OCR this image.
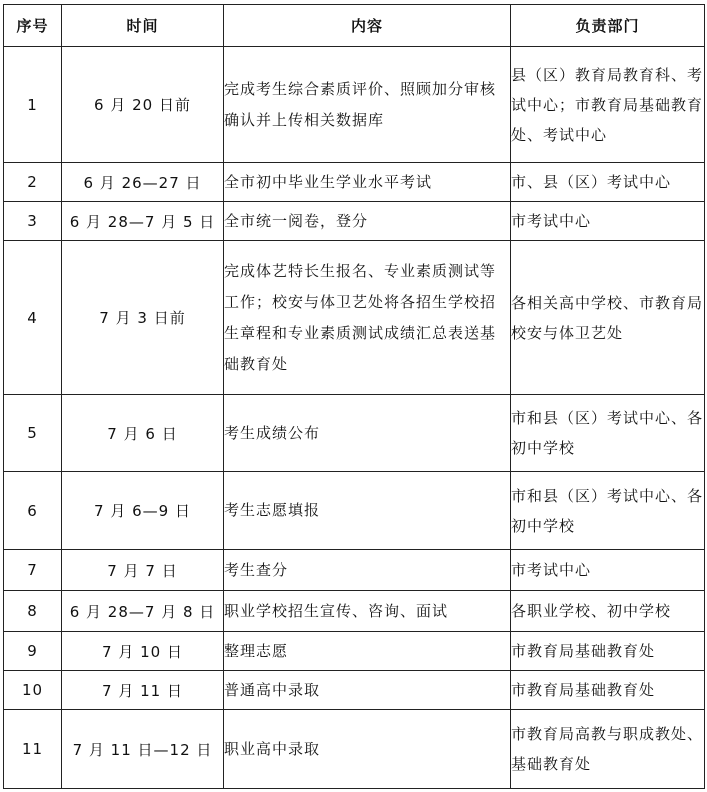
序号	时间	内容	负责部门
1	6 月 20 日前	完成考生综合素质评价、照顾加分审核确认并上传相关数据库	县（区）教育局教育科、考试中心；市教育局基础教育处、考试中心
2	6 月 26—27 日	全市初中毕业生学业水平考试	市、县（区）考试中心
3	6 月 28—7 月 5 日	全市统一阅卷，登分	市考试中心
4	7 月 3 日前	完成体艺特长生报名、专业素质测试等工作；校安与体卫艺处将各招生学校招生章程和专业素质测试成绩汇总表送基础教育处	各相关高中学校、市教育局校安与体卫艺处
5	7 月 6 日	考生成绩公布	市和县（区）考试中心、各初中学校
6	7 月 6—9 日	考生志愿填报	市和县（区）考试中心、各初中学校
7	7 月 7 日	考生查分	市考试中心
8	6 月 28—7 月 8 日	职业学校招生宣传、咨询、面试	各职业学校、初中学校
9	7 月 10 日	整理志愿	市教育局基础教育处
10	7 月 11 日	普通高中录取	市教育局基础教育处
11	7 月 11 日—12 日	职业高中录取	市教育局高教与职成教处、基础教育处
